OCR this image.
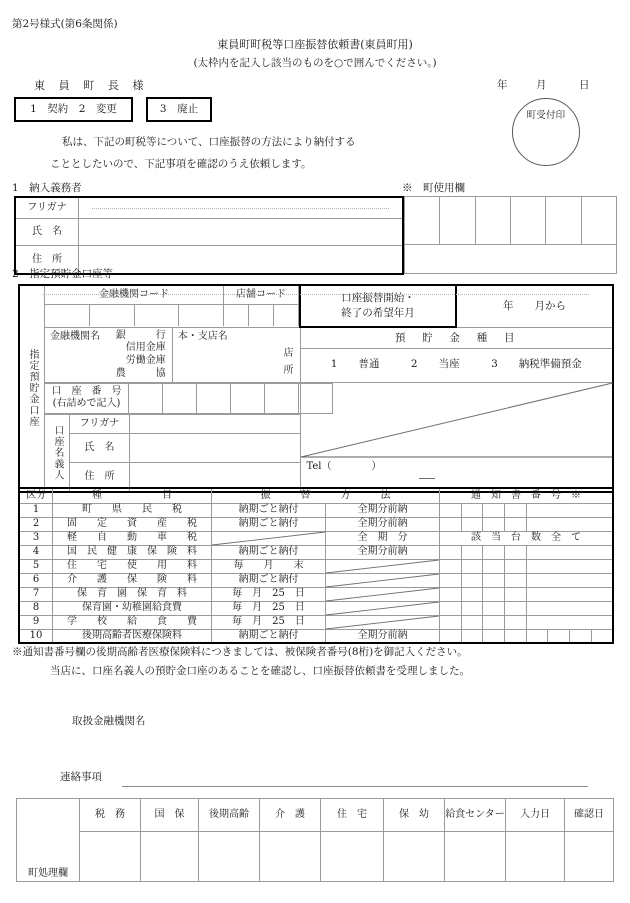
第2号様式(第6条関係)
東員町町税等口座振替依頼書(東員町用)
(太枠内を記入し該当のものを○で囲んでください。)
東　員　町　長　様	年	月	日
町受付印
1　契約　2　変更	3　廃止
私は、下記の町税等について、口座振替の方法により納付する
こととしたいので、下記事項を確認のうえ依頼します。
1　納入義務者	※　町使用欄
フリガナ	

氏　名	
住　所	

2　指定預貯金口座等
指定預貯金口座

金融機関コード	店舗コード

		口座振替開始・
終了の希望年月
	年　　月から

金融機関名 銀　　　行
信用金庫
労働金庫
農　　　協

本・支店名
店
所

預　貯　金　種　目
1　　普通　　　2　　当座　　　3　　納税準備預金

口　座　番　号
(右詰めで記入)

Tel（　　　　）

口座名義人
	フリガナ	

氏　名	
住　所	
区分	種　　　　　　目	振　　　替　　　方　　　法		通　知　書　番　号　※							
1	町　　県　　民　　税	納期ごと納付	全期分前納								
2	固　　定　　資　　産　　税	納期ごと納付	全期分前納								
3	軽　　自　　動　　車　　税		全　期　分	該　当　台　数　全　て							
4	国　民　健　康　保　険　料	納期ごと納付	全期分前納								
5	住　　宅　　使　　用　　料	毎　　月　　末	

6	介　　護　　保　　険　　料	納期ごと納付	

7	保　育　園　保　育　料	毎　月　25　日	

8	保育園・幼稚園給食費	毎　月　25　日	

9	学　　校　　給　　食　　費	毎　月　25　日	

10	後期高齢者医療保険料	納期ごと納付	全期分前納								
※通知書番号欄の後期高齢者医療保険料につきましては、被保険者番号(8桁)を御記入ください。
当店に、口座名義人の預貯金口座のあることを確認し、口座振替依頼書を受理しました。
取扱金融機関名
連絡事項
町処理欄	税　務	国　保	後期高齢	介　護	住　宅	保　幼	給食センター	入力日	確認日
